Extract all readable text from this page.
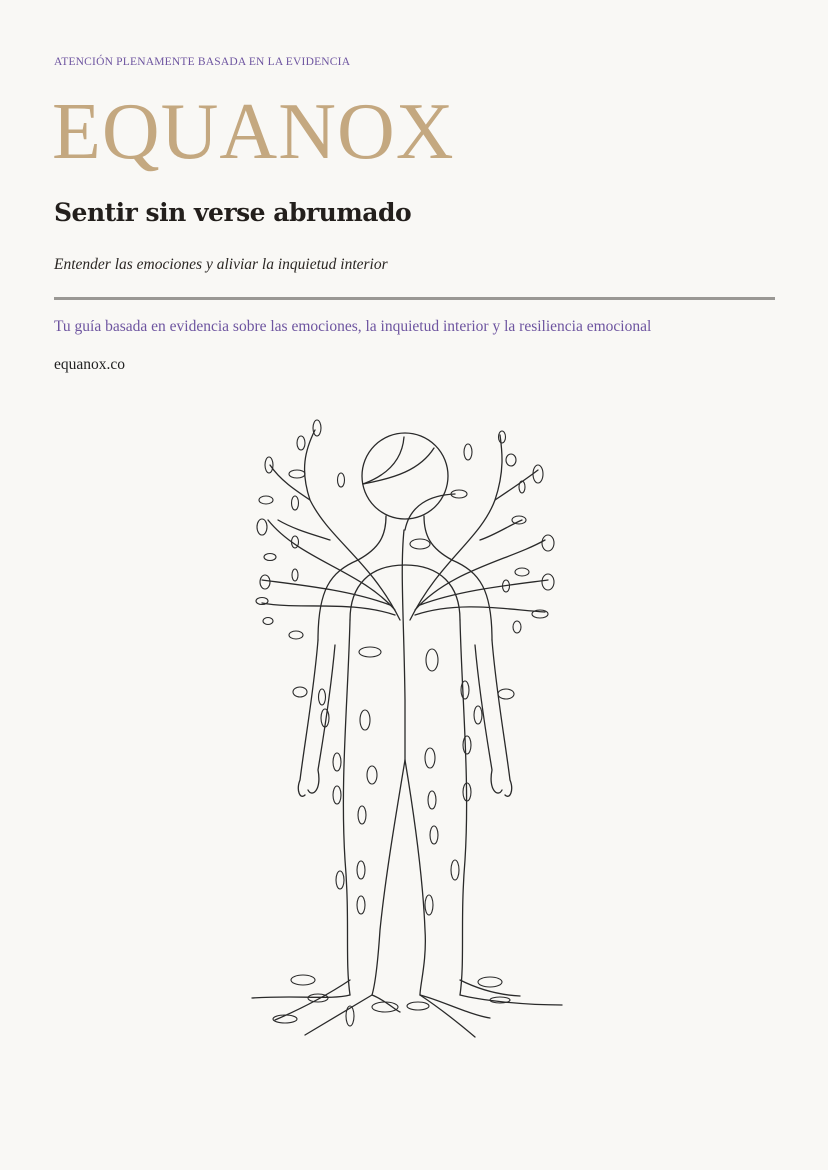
ATENCIÓN PLENAMENTE BASADA EN LA EVIDENCIA
EQUANOX
Sentir sin verse abrumado
Entender las emociones y aliviar la inquietud interior
Tu guía basada en evidencia sobre las emociones, la inquietud interior y la resiliencia emocional
equanox.co
